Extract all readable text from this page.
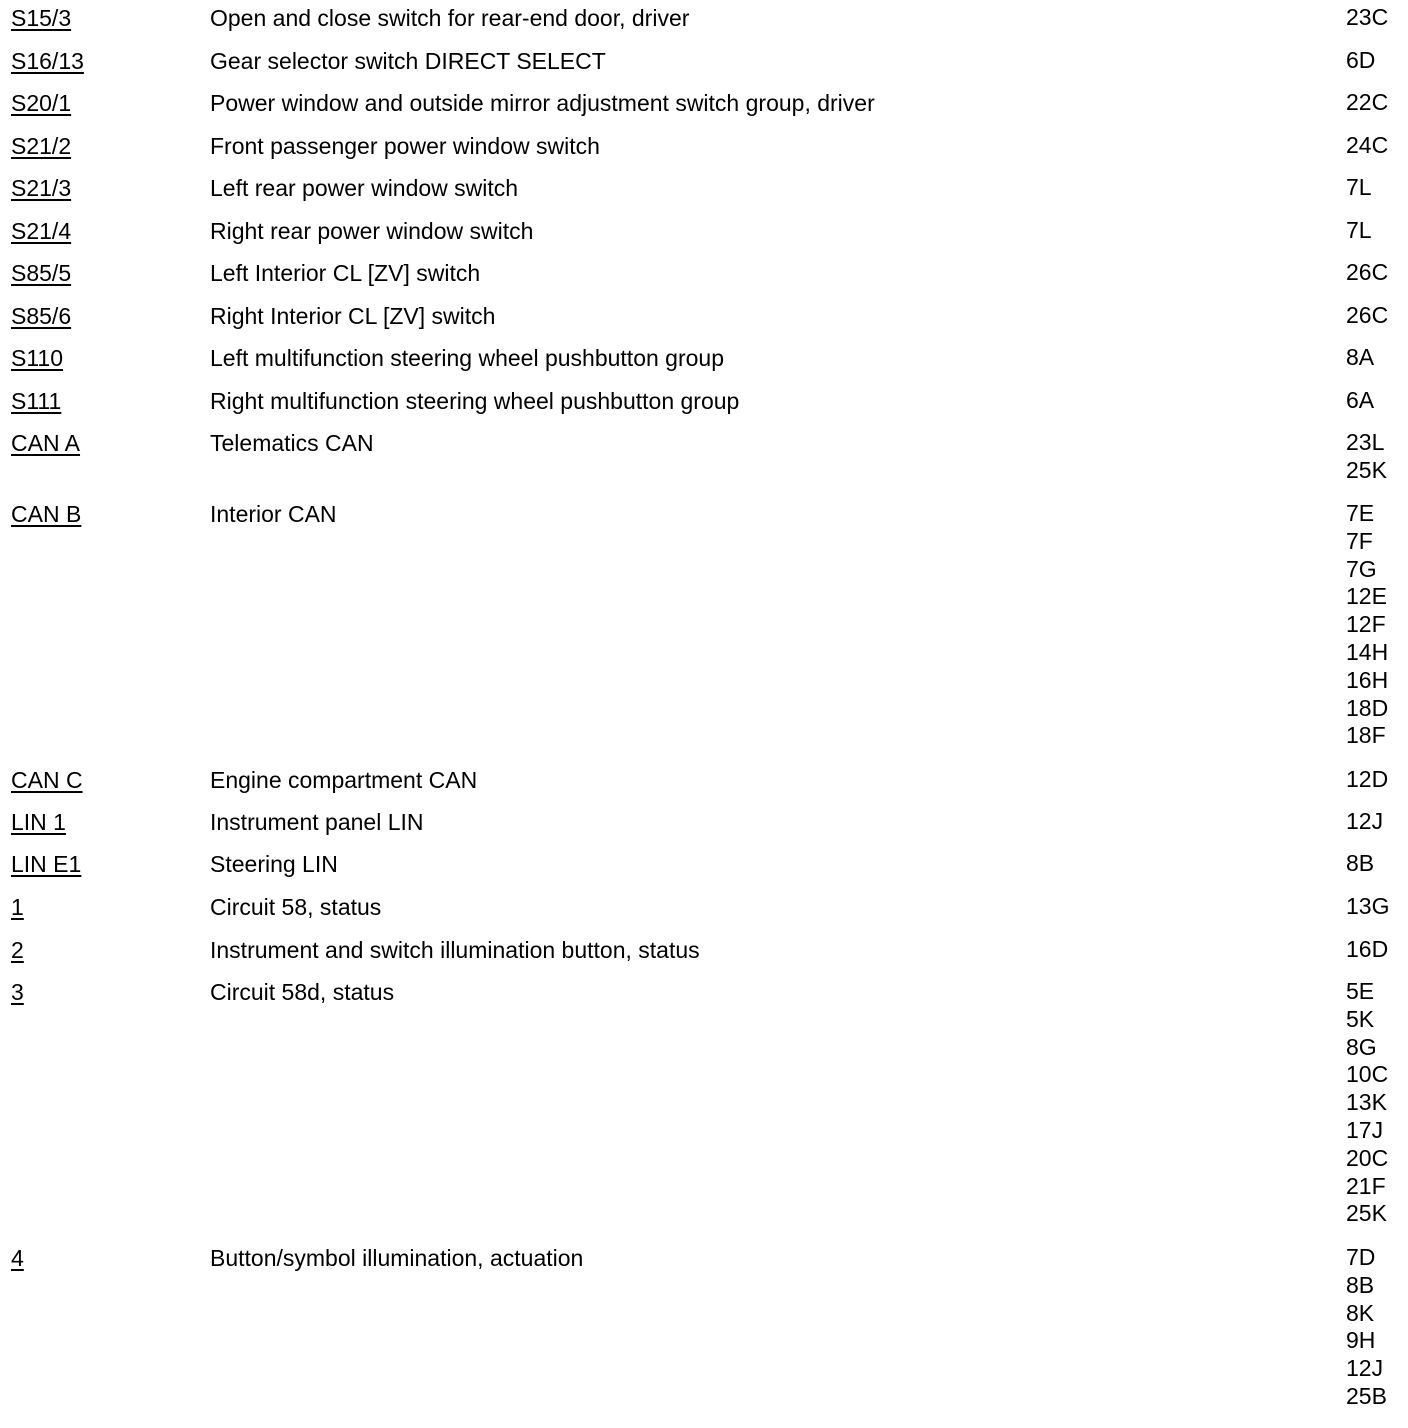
S15/3	Open and close switch for rear-end door, driver	23C
S16/13	Gear selector switch DIRECT SELECT	6D
S20/1	Power window and outside mirror adjustment switch group, driver	22C
S21/2	Front passenger power window switch	24C
S21/3	Left rear power window switch	7L
S21/4	Right rear power window switch	7L
S85/5	Left Interior CL [ZV] switch	26C
S85/6	Right Interior CL [ZV] switch	26C
S110	Left multifunction steering wheel pushbutton group	8A
S111	Right multifunction steering wheel pushbutton group	6A
CAN A	Telematics CAN	23L
25K
CAN B	Interior CAN	7E
7F
7G
12E
12F
14H
16H
18D
18F
CAN C	Engine compartment CAN	12D
LIN 1	Instrument panel LIN	12J
LIN E1	Steering LIN	8B
1	Circuit 58, status	13G
2	Instrument and switch illumination button, status	16D
3	Circuit 58d, status	5E
5K
8G
10C
13K
17J
20C
21F
25K
4	Button/symbol illumination, actuation	7D
8B
8K
9H
12J
25B
